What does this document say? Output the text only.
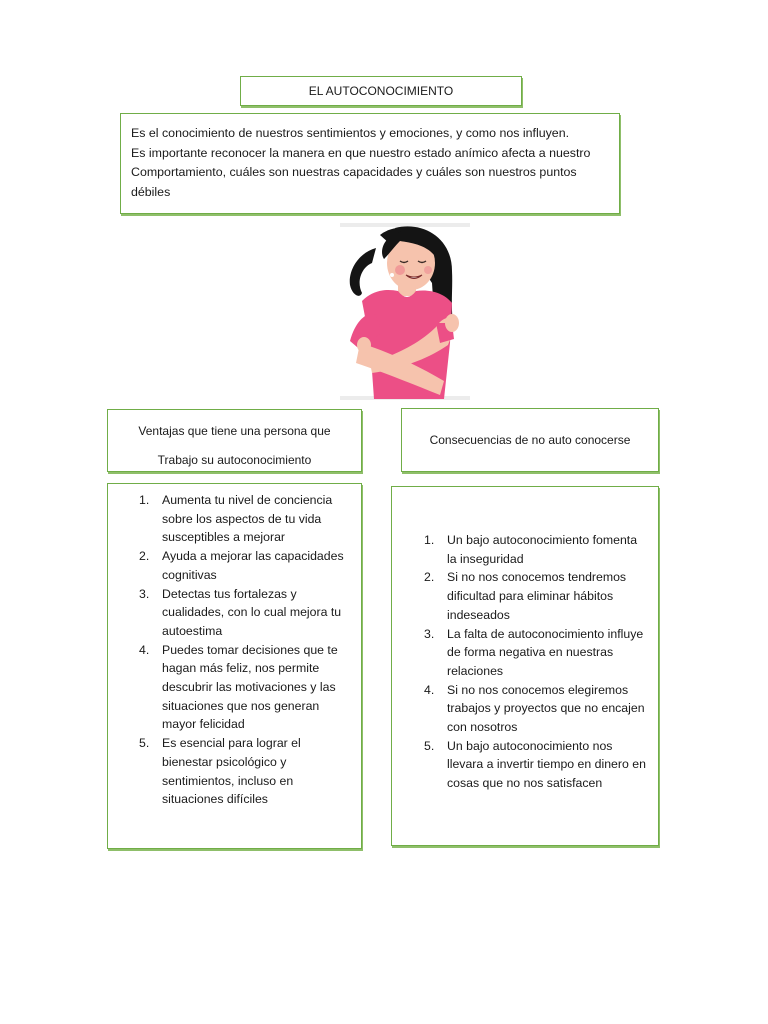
EL AUTOCONOCIMIENTO

Es el conocimiento de nuestros sentimientos y emociones, y como nos influyen.

Es importante reconocer la manera en que nuestro estado anímico afecta a nuestro Comportamiento, cuáles son nuestras capacidades y cuáles son nuestros puntos débiles

Ventajas que tiene una persona que
Trabajo su autoconocimiento
Consecuencias de no auto conocerse
1. Aumenta tu nivel de conciencia sobre los aspectos de tu vida susceptibles a mejorar
2. Ayuda a mejorar las capacidades cognitivas
3. Detectas tus fortalezas y cualidades, con lo cual mejora tu autoestima
4. Puedes tomar decisiones que te hagan más feliz, nos permite descubrir las motivaciones y las situaciones que nos generan mayor felicidad
5. Es esencial para lograr el bienestar psicológico y sentimientos, incluso en situaciones difíciles
1. Un bajo autoconocimiento fomenta la inseguridad
2. Si no nos conocemos tendremos dificultad para eliminar hábitos indeseados
3. La falta de autoconocimiento influye de forma negativa en nuestras relaciones
4. Si no nos conocemos elegiremos trabajos y proyectos que no encajen con nosotros
5. Un bajo autoconocimiento nos llevara a invertir tiempo en dinero en cosas que no nos satisfacen
